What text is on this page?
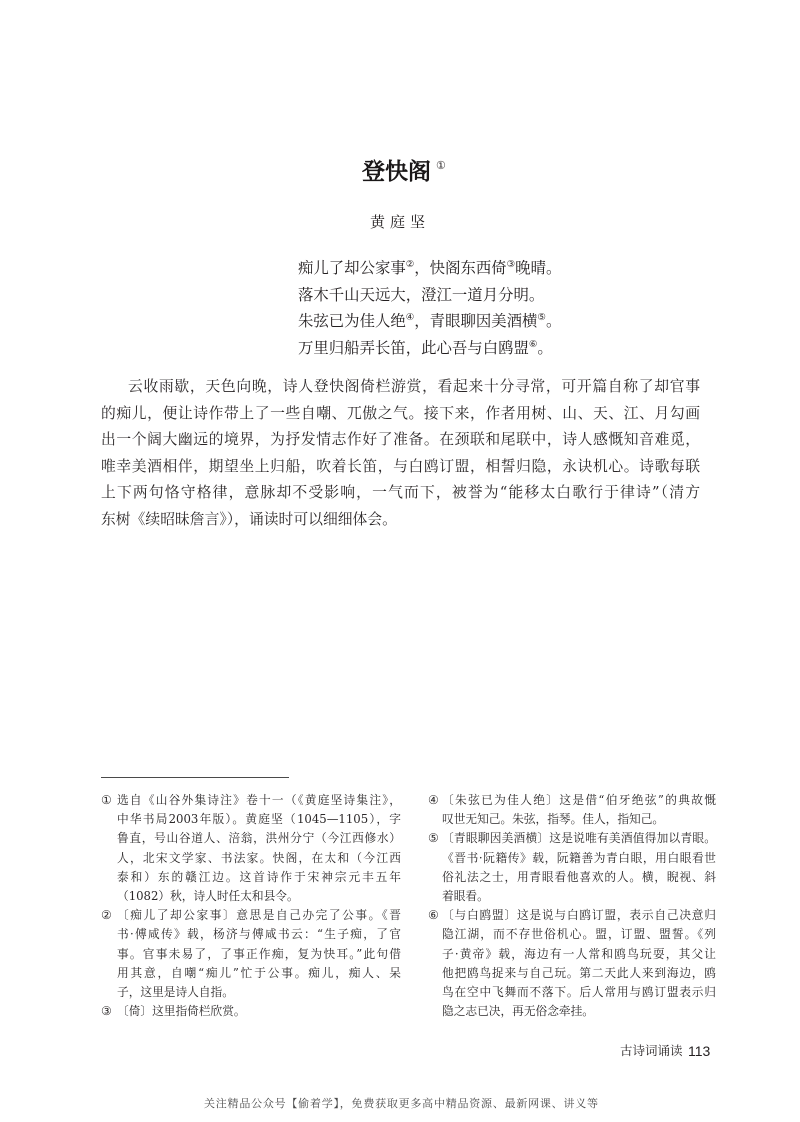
登快阁 ①
黄庭坚
痴儿了却公家事②，快阁东西倚③晚晴。
落木千山天远大，澄江一道月分明。
朱弦已为佳人绝④，青眼聊因美酒横⑤。
万里归船弄长笛，此心吾与白鸥盟⑥。
云收雨歇，天色向晚，诗人登快阁倚栏游赏，看起来十分寻常，可开篇自称了却官事
的痴儿，便让诗作带上了一些自嘲、兀傲之气。接下来，作者用树、山、天、江、月勾画
出一个阔大幽远的境界，为抒发情志作好了准备。在颈联和尾联中，诗人感慨知音难觅，
唯幸美酒相伴，期望坐上归船，吹着长笛，与白鸥订盟，相誓归隐，永诀机心。诗歌每联
上下两句恪守格律，意脉却不受影响，一气而下，被誉为“能移太白歌行于律诗”（清方
东树《续昭昧詹言》），诵读时可以细细体会。
① 选自《山谷外集诗注》卷十一（《黄庭坚诗集注》，
中华书局2003年版）。黄庭坚（1045—1105），字
鲁直，号山谷道人、涪翁，洪州分宁（今江西修水）
人，北宋文学家、书法家。快阁，在太和（今江西
泰和）东的赣江边。这首诗作于宋神宗元丰五年
（1082）秋，诗人时任太和县令。
② 〔痴儿了却公家事〕意思是自己办完了公事。《晋
书·傅咸传》载，杨济与傅咸书云：“生子痴，了官
事。官事未易了，了事正作痴，复为快耳。”此句借
用其意，自嘲“痴儿”忙于公事。痴儿，痴人、呆
子，这里是诗人自指。
③ 〔倚〕这里指倚栏欣赏。
④ 〔朱弦已为佳人绝〕这是借“伯牙绝弦”的典故慨
叹世无知己。朱弦，指琴。佳人，指知己。
⑤ 〔青眼聊因美酒横〕这是说唯有美酒值得加以青眼。
《晋书·阮籍传》载，阮籍善为青白眼，用白眼看世
俗礼法之士，用青眼看他喜欢的人。横，睨视、斜
着眼看。
⑥ 〔与白鸥盟〕这是说与白鸥订盟，表示自己决意归
隐江湖，而不存世俗机心。盟，订盟、盟誓。《列
子·黄帝》载，海边有一人常和鸥鸟玩耍，其父让
他把鸥鸟捉来与自己玩。第二天此人来到海边，鸥
鸟在空中飞舞而不落下。后人常用与鸥订盟表示归
隐之志已决，再无俗念牵挂。
古诗词诵读 113
关注精品公众号【偷着学】，免费获取更多高中精品资源、最新网课、讲义等
